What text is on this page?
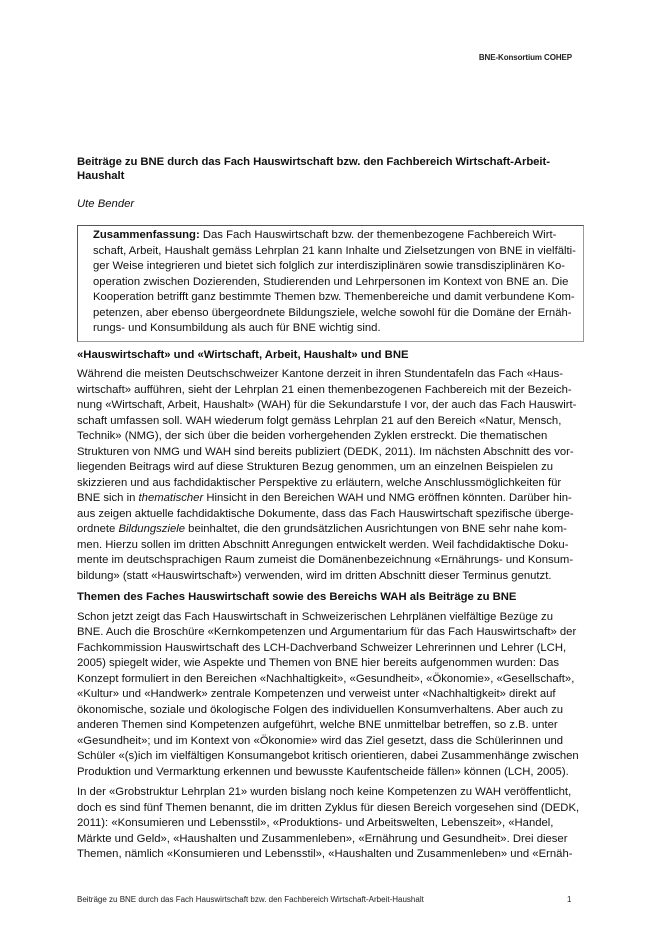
BNE-Konsortium COHEP
Beiträge zu BNE durch das Fach Hauswirtschaft bzw. den Fachbereich Wirtschaft-Arbeit-
Haushalt

Ute Bender

Zusammenfassung: Das Fach Hauswirtschaft bzw. der themenbezogene Fachbereich Wirt-
schaft, Arbeit, Haushalt gemäss Lehrplan 21 kann Inhalte und Zielsetzungen von BNE in vielfälti-
ger Weise integrieren und bietet sich folglich zur interdisziplinären sowie transdisziplinären Ko-
operation zwischen Dozierenden, Studierenden und Lehrpersonen im Kontext von BNE an. Die
Kooperation betrifft ganz bestimmte Themen bzw. Themenbereiche und damit verbundene Kom-
petenzen, aber ebenso übergeordnete Bildungsziele, welche sowohl für die Domäne der Ernäh-
rungs- und Konsumbildung als auch für BNE wichtig sind.
«Hauswirtschaft» und «Wirtschaft, Arbeit, Haushalt» und BNE

Während die meisten Deutschschweizer Kantone derzeit in ihren Stundentafeln das Fach «Haus-
wirtschaft» aufführen, sieht der Lehrplan 21 einen themenbezogenen Fachbereich mit der Bezeich-
nung «Wirtschaft, Arbeit, Haushalt» (WAH) für die Sekundarstufe I vor, der auch das Fach Hauswirt-
schaft umfassen soll. WAH wiederum folgt gemäss Lehrplan 21 auf den Bereich «Natur, Mensch,
Technik» (NMG), der sich über die beiden vorhergehenden Zyklen erstreckt. Die thematischen
Strukturen von NMG und WAH sind bereits publiziert (DEDK, 2011). Im nächsten Abschnitt des vor-
liegenden Beitrags wird auf diese Strukturen Bezug genommen, um an einzelnen Beispielen zu
skizzieren und aus fachdidaktischer Perspektive zu erläutern, welche Anschlussmöglichkeiten für
BNE sich in thematischer Hinsicht in den Bereichen WAH und NMG eröffnen könnten. Darüber hin-
aus zeigen aktuelle fachdidaktische Dokumente, dass das Fach Hauswirtschaft spezifische überge-
ordnete Bildungsziele beinhaltet, die den grundsätzlichen Ausrichtungen von BNE sehr nahe kom-
men. Hierzu sollen im dritten Abschnitt Anregungen entwickelt werden. Weil fachdidaktische Doku-
mente im deutschsprachigen Raum zumeist die Domänenbezeichnung «Ernährungs- und Konsum-
bildung» (statt «Hauswirtschaft») verwenden, wird im dritten Abschnitt dieser Terminus genutzt.

Themen des Faches Hauswirtschaft sowie des Bereichs WAH als Beiträge zu BNE

Schon jetzt zeigt das Fach Hauswirtschaft in Schweizerischen Lehrplänen vielfältige Bezüge zu
BNE. Auch die Broschüre «Kernkompetenzen und Argumentarium für das Fach Hauswirtschaft» der
Fachkommission Hauswirtschaft des LCH-Dachverband Schweizer Lehrerinnen und Lehrer (LCH,
2005) spiegelt wider, wie Aspekte und Themen von BNE hier bereits aufgenommen wurden: Das
Konzept formuliert in den Bereichen «Nachhaltigkeit», «Gesundheit», «Ökonomie», «Gesellschaft»,
«Kultur» und «Handwerk» zentrale Kompetenzen und verweist unter «Nachhaltigkeit» direkt auf
ökonomische, soziale und ökologische Folgen des individuellen Konsumverhaltens. Aber auch zu
anderen Themen sind Kompetenzen aufgeführt, welche BNE unmittelbar betreffen, so z.B. unter
«Gesundheit»; und im Kontext von «Ökonomie» wird das Ziel gesetzt, dass die Schülerinnen und
Schüler «(s)ich im vielfältigen Konsumangebot kritisch orientieren, dabei Zusammenhänge zwischen
Produktion und Vermarktung erkennen und bewusste Kaufentscheide fällen» können (LCH, 2005).

In der «Grobstruktur Lehrplan 21» wurden bislang noch keine Kompetenzen zu WAH veröffentlicht,
doch es sind fünf Themen benannt, die im dritten Zyklus für diesen Bereich vorgesehen sind (DEDK,
2011): «Konsumieren und Lebensstil», «Produktions- und Arbeitswelten, Lebenszeit», «Handel,
Märkte und Geld», «Haushalten und Zusammenleben», «Ernährung und Gesundheit». Drei dieser
Themen, nämlich «Konsumieren und Lebensstil», «Haushalten und Zusammenleben» und «Ernäh-

Beiträge zu BNE durch das Fach Hauswirtschaft bzw. den Fachbereich Wirtschaft-Arbeit-Haushalt	1
